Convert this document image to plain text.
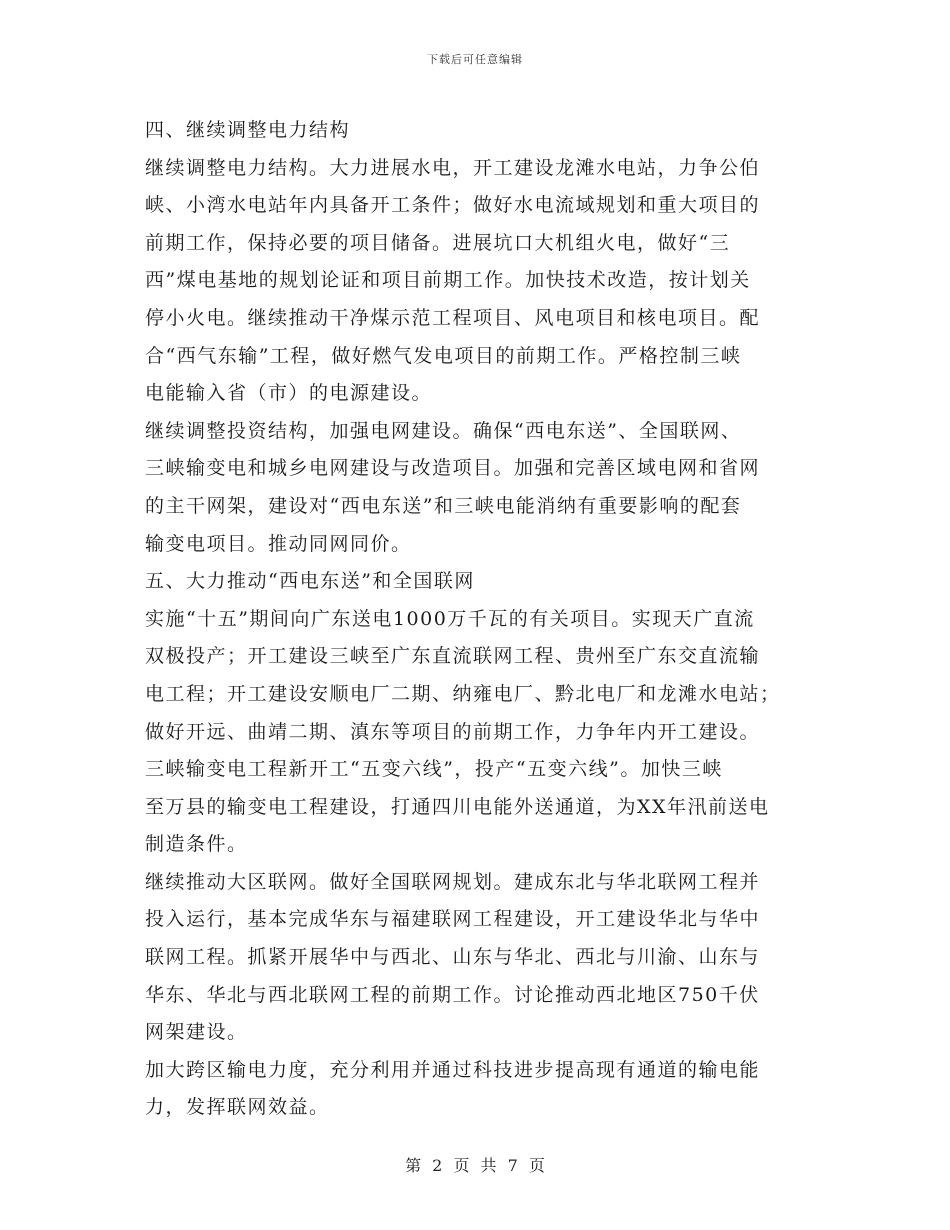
下载后可任意编辑
四、继续调整电力结构
继续调整电力结构。大力进展水电，开工建设龙滩水电站，力争公伯
峡、小湾水电站年内具备开工条件；做好水电流域规划和重大项目的
前期工作，保持必要的项目储备。进展坑口大机组火电，做好“三
西”煤电基地的规划论证和项目前期工作。加快技术改造，按计划关
停小火电。继续推动干净煤示范工程项目、风电项目和核电项目。配
合“西气东输”工程，做好燃气发电项目的前期工作。严格控制三峡
电能输入省（市）的电源建设。
继续调整投资结构，加强电网建设。确保“西电东送”、全国联网、
三峡输变电和城乡电网建设与改造项目。加强和完善区域电网和省网
的主干网架，建设对“西电东送”和三峡电能消纳有重要影响的配套
输变电项目。推动同网同价。
五、大力推动“西电东送”和全国联网
实施“十五”期间向广东送电1000万千瓦的有关项目。实现天广直流
双极投产；开工建设三峡至广东直流联网工程、贵州至广东交直流输
电工程；开工建设安顺电厂二期、纳雍电厂、黔北电厂和龙滩水电站；
做好开远、曲靖二期、滇东等项目的前期工作，力争年内开工建设。
三峡输变电工程新开工“五变六线”，投产“五变六线”。加快三峡
至万县的输变电工程建设，打通四川电能外送通道，为XX年汛前送电
制造条件。
继续推动大区联网。做好全国联网规划。建成东北与华北联网工程并
投入运行，基本完成华东与福建联网工程建设，开工建设华北与华中
联网工程。抓紧开展华中与西北、山东与华北、西北与川渝、山东与
华东、华北与西北联网工程的前期工作。讨论推动西北地区750千伏
网架建设。
加大跨区输电力度，充分利用并通过科技进步提高现有通道的输电能
力，发挥联网效益。
第 2 页 共 7 页
